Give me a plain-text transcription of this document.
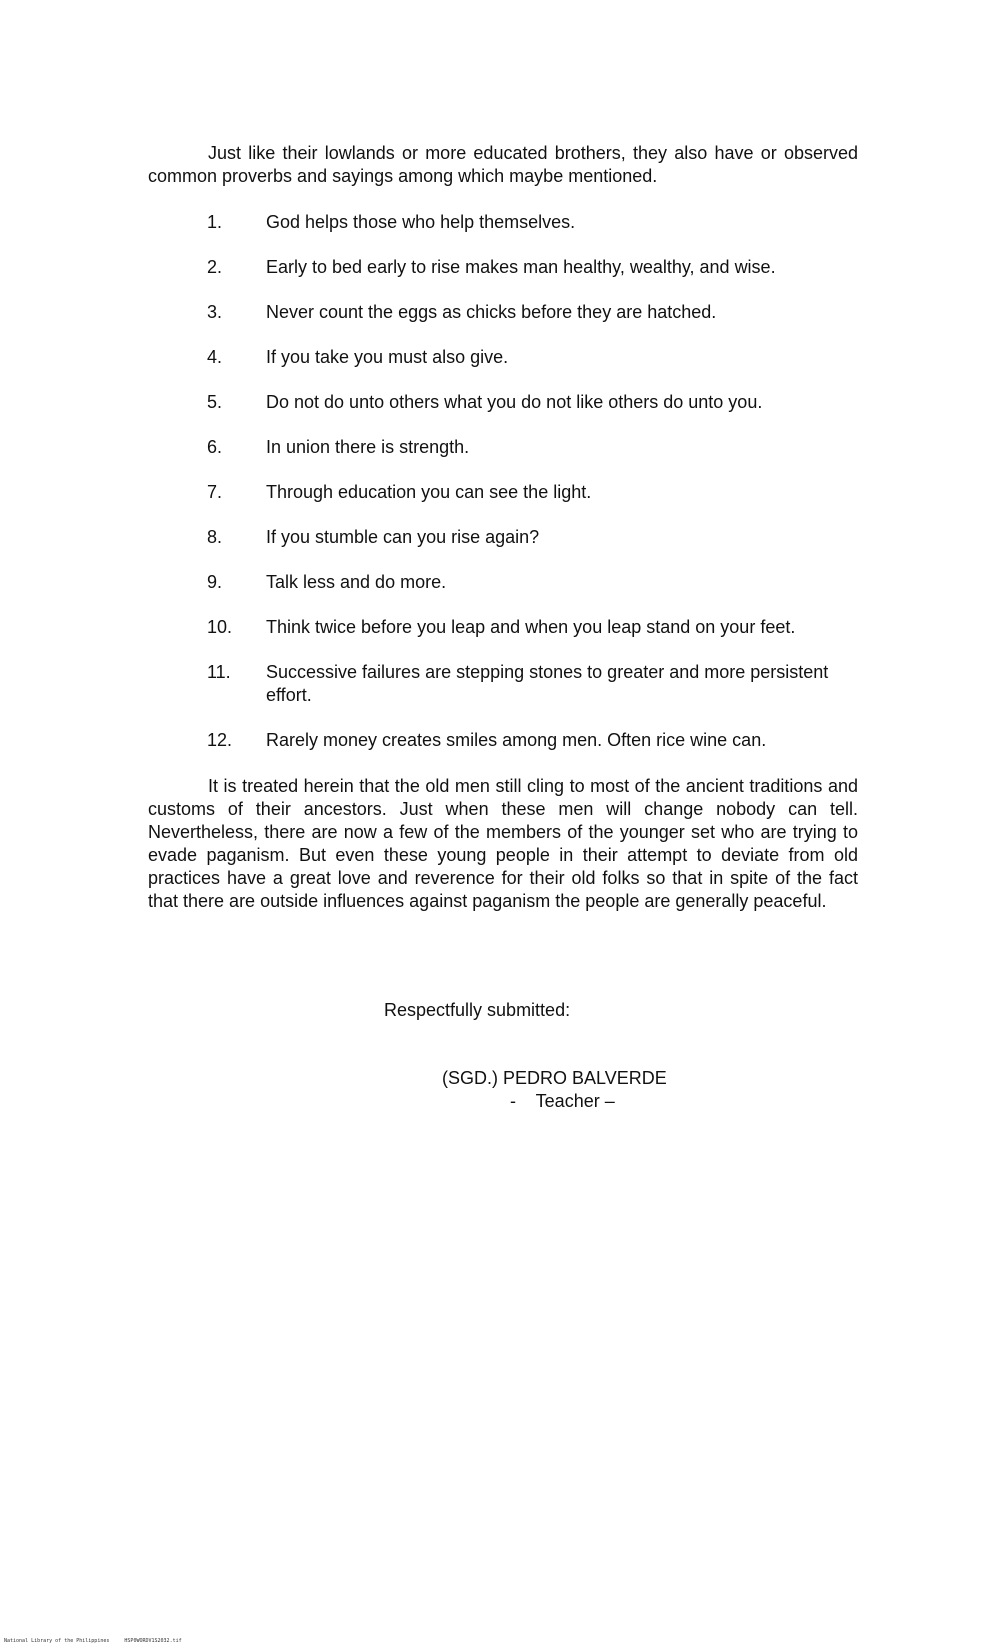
Just like their lowlands or more educated brothers, they also have or observed common proverbs and sayings among which maybe mentioned.

1.	God helps those who help themselves.
2.	Early to bed early to rise makes man healthy, wealthy, and wise.
3.	Never count the eggs as chicks before they are hatched.
4.	If you take you must also give.
5.	Do not do unto others what you do not like others do unto you.
6.	In union there is strength.
7.	Through education you can see the light.
8.	If you stumble can you rise again?
9.	Talk less and do more.
10.	Think twice before you leap and when you leap stand on your feet.
11.	Successive failures are stepping stones to greater and more persistent effort.
12.	Rarely money creates smiles among men. Often rice wine can.

It is treated herein that the old men still cling to most of the ancient traditions and customs of their ancestors. Just when these men will change nobody can tell. Nevertheless, there are now a few of the members of the younger set who are trying to evade paganism. But even these young people in their attempt to deviate from old practices have a great love and reverence for their old folks so that in spite of the fact that there are outside influences against paganism the people are generally peaceful.

Respectfully submitted:
(SGD.) PEDRO BALVERDE
-    Teacher –
National Library of the Philippines     HSP0WORDV1S2032.tif
